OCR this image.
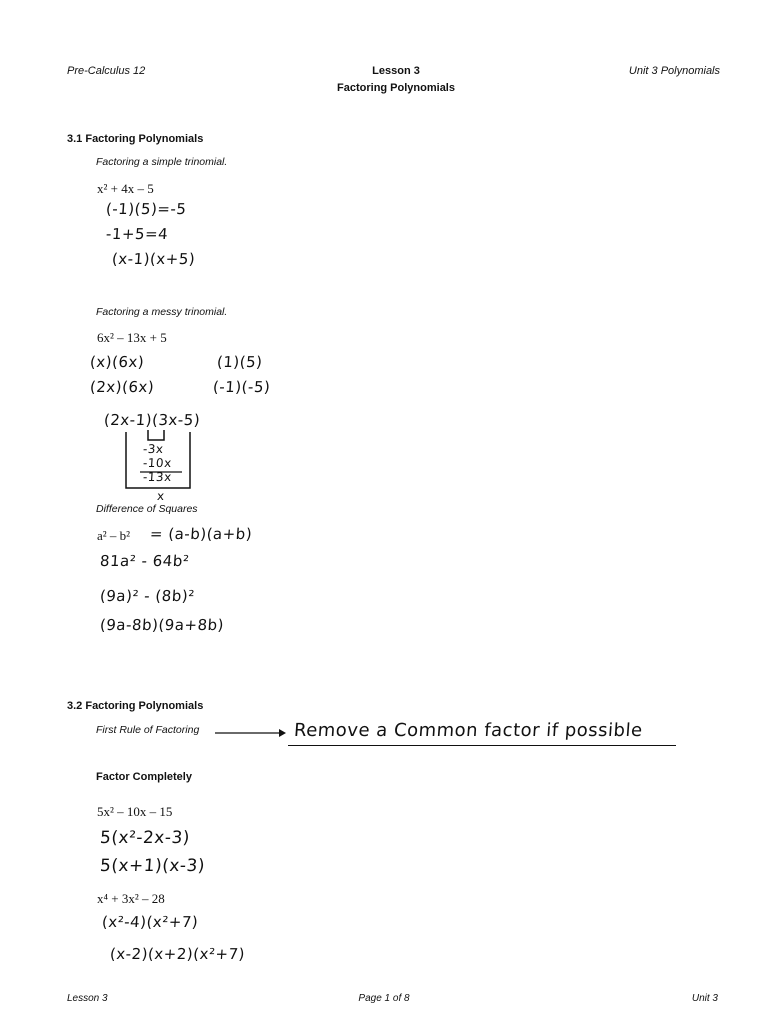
Pre-Calculus 12	Lesson 3
Factoring Polynomials
Unit 3 Polynomials
3.1 Factoring Polynomials
Factoring a simple trinomial.
x² + 4x – 5
(-1)(5)=-5
-1+5=4
(x-1)(x+5)
Factoring a messy trinomial.
6x² – 13x + 5
(x)(6x)
(2x)(6x)
(1)(5)
(-1)(-5)
(2x-1)(3x-5)
-3x
-10x
-13x
x
Difference of Squares
a² – b² = (a-b)(a+b)
81a² - 64b²
(9a)² - (8b)²
(9a-8b)(9a+8b)
3.2 Factoring Polynomials
First Rule of Factoring	Remove a Common factor if possible
Factor Completely
5x² – 10x – 15
5(x²-2x-3)
5(x+1)(x-3)
x⁴ + 3x² – 28
(x²-4)(x²+7)
(x-2)(x+2)(x²+7)
Lesson 3	Page 1 of 8	Unit 3
